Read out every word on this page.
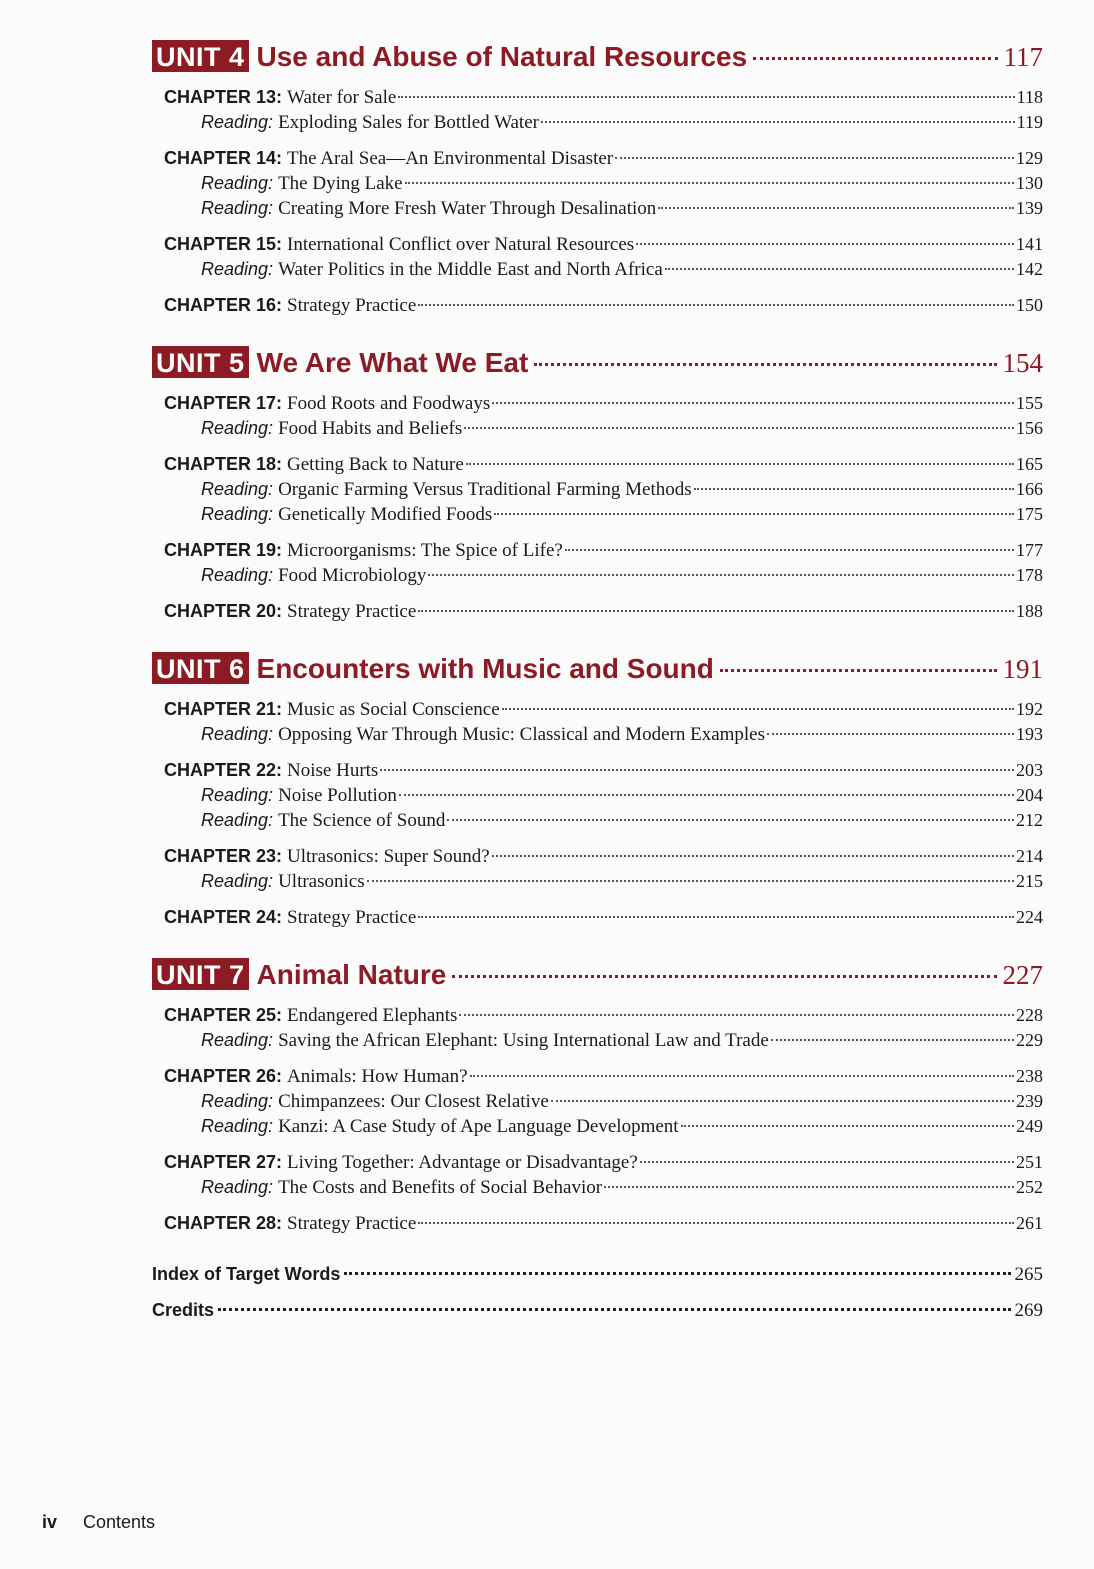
UNIT 4 Use and Abuse of Natural Resources	117
CHAPTER 13: Water for Sale	118
Reading: Exploding Sales for Bottled Water	119
CHAPTER 14: The Aral Sea—An Environmental Disaster	129
Reading: The Dying Lake	130
Reading: Creating More Fresh Water Through Desalination	139
CHAPTER 15: International Conflict over Natural Resources	141
Reading: Water Politics in the Middle East and North Africa	142
CHAPTER 16: Strategy Practice	150
UNIT 5 We Are What We Eat	154
CHAPTER 17: Food Roots and Foodways	155
Reading: Food Habits and Beliefs	156
CHAPTER 18: Getting Back to Nature	165
Reading: Organic Farming Versus Traditional Farming Methods	166
Reading: Genetically Modified Foods	175
CHAPTER 19: Microorganisms: The Spice of Life?	177
Reading: Food Microbiology	178
CHAPTER 20: Strategy Practice	188
UNIT 6 Encounters with Music and Sound	191
CHAPTER 21: Music as Social Conscience	192
Reading: Opposing War Through Music: Classical and Modern Examples	193
CHAPTER 22: Noise Hurts	203
Reading: Noise Pollution	204
Reading: The Science of Sound	212
CHAPTER 23: Ultrasonics: Super Sound?	214
Reading: Ultrasonics	215
CHAPTER 24: Strategy Practice	224
UNIT 7 Animal Nature	227
CHAPTER 25: Endangered Elephants	228
Reading: Saving the African Elephant: Using International Law and Trade	229
CHAPTER 26: Animals: How Human?	238
Reading: Chimpanzees: Our Closest Relative	239
Reading: Kanzi: A Case Study of Ape Language Development	249
CHAPTER 27: Living Together: Advantage or Disadvantage?	251
Reading: The Costs and Benefits of Social Behavior	252
CHAPTER 28: Strategy Practice	261
Index of Target Words	265
Credits	269
iv Contents
